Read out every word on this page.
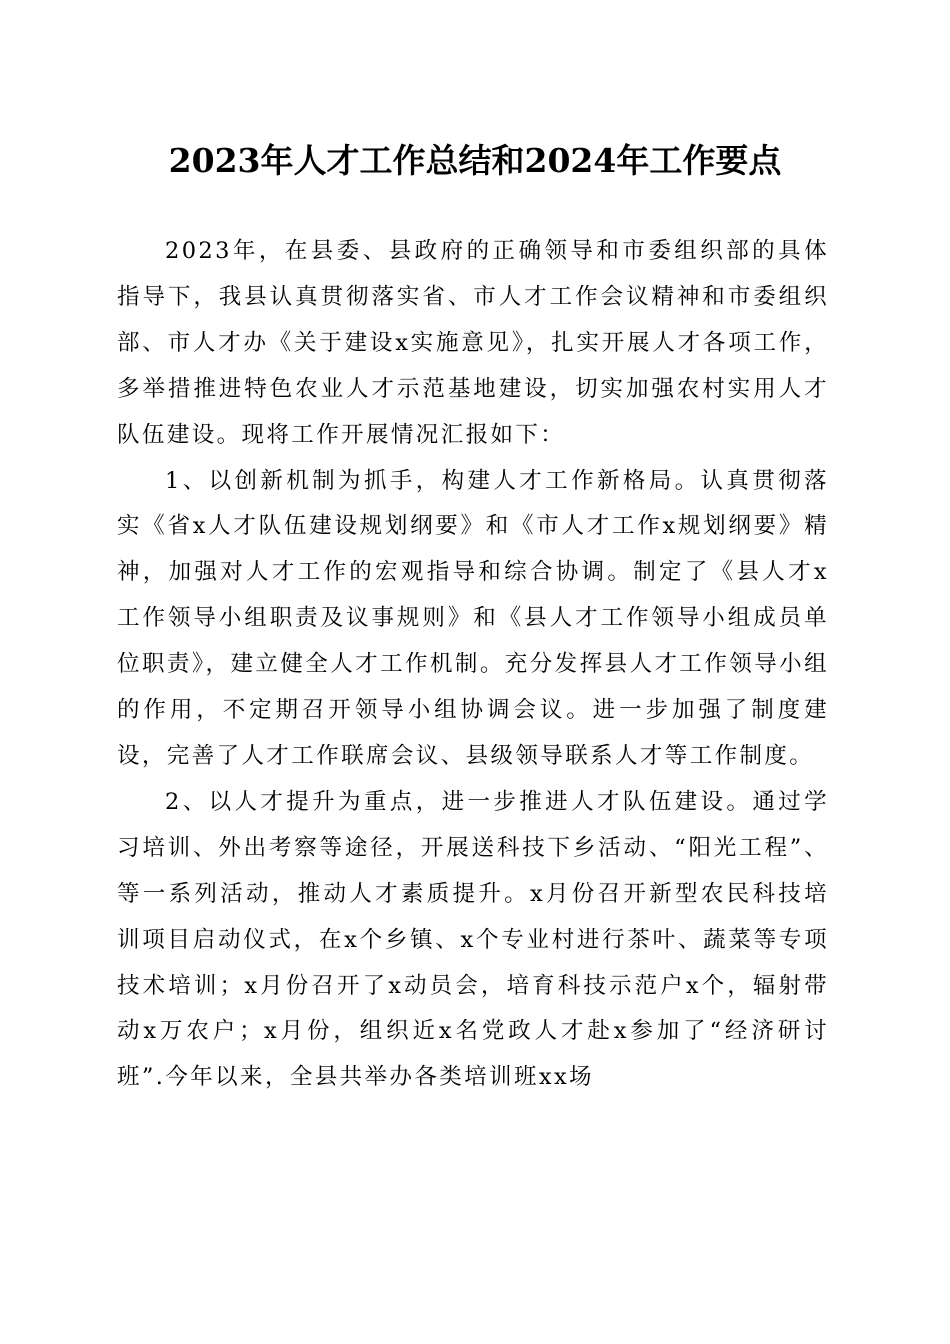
2023年人才工作总结和2024年工作要点

2023年，在县委、县政府的正确领导和市委组织部的具体指导下，我县认真贯彻落实省、市人才工作会议精神和市委组织部、市人才办《关于建设x实施意见》，扎实开展人才各项工作，多举措推进特色农业人才示范基地建设，切实加强农村实用人才队伍建设。现将工作开展情况汇报如下：

1、以创新机制为抓手，构建人才工作新格局。认真贯彻落实《省x人才队伍建设规划纲要》和《市人才工作x规划纲要》精神，加强对人才工作的宏观指导和综合协调。制定了《县人才x工作领导小组职责及议事规则》和《县人才工作领导小组成员单位职责》，建立健全人才工作机制。充分发挥县人才工作领导小组的作用，不定期召开领导小组协调会议。进一步加强了制度建设，完善了人才工作联席会议、县级领导联系人才等工作制度。

2、以人才提升为重点，进一步推进人才队伍建设。通过学习培训、外出考察等途径，开展送科技下乡活动、“阳光工程”、等一系列活动，推动人才素质提升。x月份召开新型农民科技培训项目启动仪式，在x个乡镇、x个专业村进行茶叶、蔬菜等专项技术培训；x月份召开了x动员会，培育科技示范户x个，辐射带动x万农户；x月份，组织近x名党政人才赴x参加了“经济研讨班”.今年以来，全县共举办各类培训班xx场
